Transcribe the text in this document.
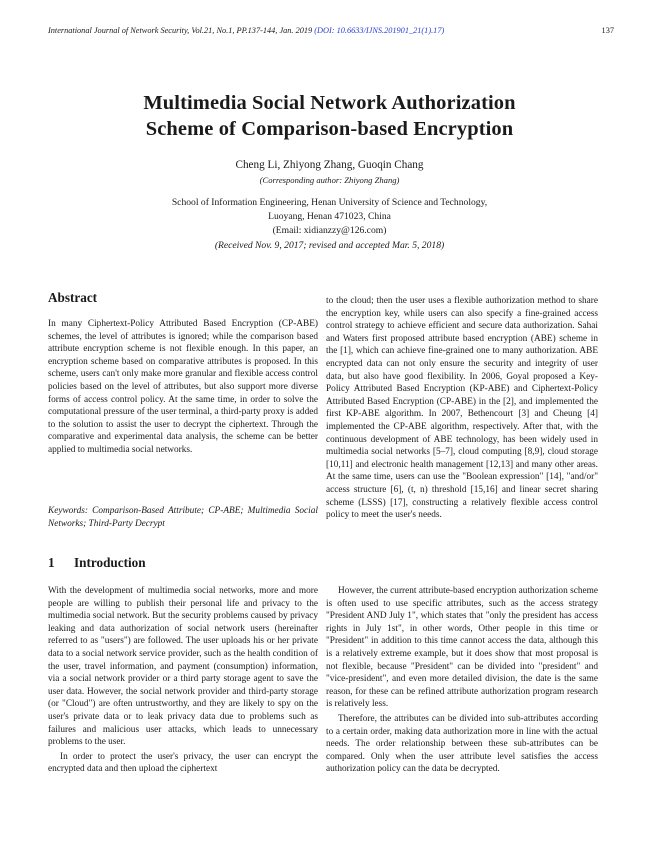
International Journal of Network Security, Vol.21, No.1, PP.137-144, Jan. 2019 (DOI: 10.6633/IJNS.201901_21(1).17)	137
Multimedia Social Network Authorization
Scheme of Comparison-based Encryption
Cheng Li, Zhiyong Zhang, Guoqin Chang
(Corresponding author: Zhiyong Zhang)
School of Information Engineering, Henan University of Science and Technology,
Luoyang, Henan 471023, China
(Email: xidianzzy@126.com)
(Received Nov. 9, 2017; revised and accepted Mar. 5, 2018)
Abstract

In many Ciphertext-Policy Attributed Based Encryption (CP-ABE) schemes, the level of attributes is ignored; while the comparison based attribute encryption scheme is not flexible enough. In this paper, an encryption scheme based on comparative attributes is proposed. In this scheme, users can't only make more granular and flexible access control policies based on the level of attributes, but also support more diverse forms of access control policy. At the same time, in order to solve the computational pressure of the user terminal, a third-party proxy is added to the solution to assist the user to decrypt the ciphertext. Through the comparative and experimental data analysis, the scheme can be better applied to multimedia social networks.

Keywords: Comparison-Based Attribute; CP-ABE; Multimedia Social Networks; Third-Party Decrypt

1 Introduction

With the development of multimedia social networks, more and more people are willing to publish their personal life and privacy to the multimedia social network. But the security problems caused by privacy leaking and data authorization of social network users (hereinafter referred to as "users") are followed. The user uploads his or her private data to a social network service provider, such as the health condition of the user, travel information, and payment (consumption) information, via a social network provider or a third party storage agent to save the user data. However, the social network provider and third-party storage (or "Cloud") are often untrustworthy, and they are likely to spy on the user's private data or to leak privacy data due to problems such as failures and malicious user attacks, which leads to unnecessary problems to the user.

In order to protect the user's privacy, the user can encrypt the encrypted data and then upload the ciphertext

to the cloud; then the user uses a flexible authorization method to share the encryption key, while users can also specify a fine-grained access control strategy to achieve efficient and secure data authorization. Sahai and Waters first proposed attribute based encryption (ABE) scheme in the [1], which can achieve fine-grained one to many authorization. ABE encrypted data can not only ensure the security and integrity of user data, but also have good flexibility. In 2006, Goyal proposed a Key-Policy Attributed Based Encryption (KP-ABE) and Ciphertext-Policy Attributed Based Encryption (CP-ABE) in the [2], and implemented the first KP-ABE algorithm. In 2007, Bethencourt [3] and Cheung [4] implemented the CP-ABE algorithm, respectively. After that, with the continuous development of ABE technology, has been widely used in multimedia social networks [5–7], cloud computing [8,9], cloud storage [10,11] and electronic health management [12,13] and many other areas. At the same time, users can use the "Boolean expression" [14], "and/or" access structure [6], (t, n) threshold [15,16] and linear secret sharing scheme (LSSS) [17], constructing a relatively flexible access control policy to meet the user's needs.

However, the current attribute-based encryption authorization scheme is often used to use specific attributes, such as the access strategy "President AND July 1", which states that "only the president has access rights in July 1st", in other words, Other people in this time or "President" in addition to this time cannot access the data, although this is a relatively extreme example, but it does show that most proposal is not flexible, because "President" can be divided into "president" and "vice-president", and even more detailed division, the date is the same reason, for these can be refined attribute authorization program research is relatively less.

Therefore, the attributes can be divided into sub-attributes according to a certain order, making data authorization more in line with the actual needs. The order relationship between these sub-attributes can be compared. Only when the user attribute level satisfies the access authorization policy can the data be decrypted.
